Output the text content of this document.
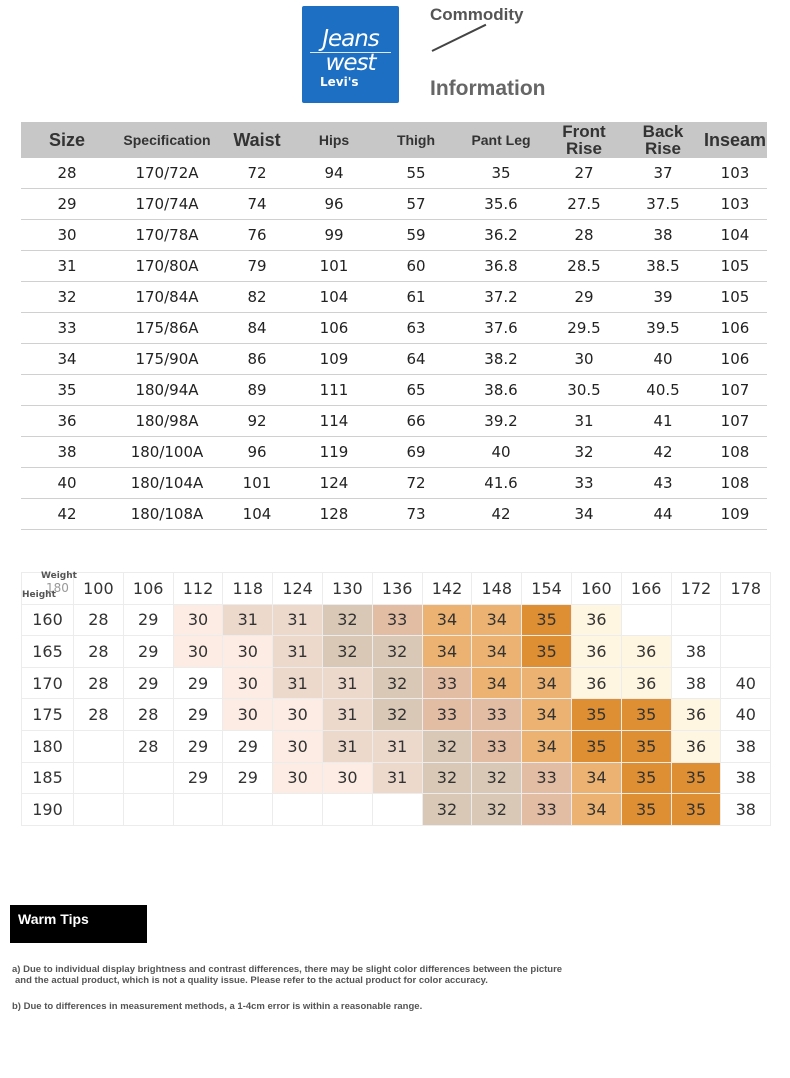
Jeans
west
Levi's
Commodity
Information
Size	Specification	Waist	Hips	Thigh	Pant Leg	Front Rise	Back Rise	Inseam
28	170/72A	72	94	55	35	27	37	103
29	170/74A	74	96	57	35.6	27.5	37.5	103
30	170/78A	76	99	59	36.2	28	38	104
31	170/80A	79	101	60	36.8	28.5	38.5	105
32	170/84A	82	104	61	37.2	29	39	105
33	175/86A	84	106	63	37.6	29.5	39.5	106
34	175/90A	86	109	64	38.2	30	40	106
35	180/94A	89	111	65	38.6	30.5	40.5	107
36	180/98A	92	114	66	39.2	31	41	107
38	180/100A	96	119	69	40	32	42	108
40	180/104A	101	124	72	41.6	33	43	108
42	180/108A	104	128	73	42	34	44	109
180
Weight
Height	100	106	112	118	124	130	136	142	148	154	160	166	172	178
160	28	29	30	31	31	32	33	34	34	35	36			
165	28	29	30	30	31	32	32	34	34	35	36	36	38	
170	28	29	29	30	31	31	32	33	34	34	36	36	38	40
175	28	28	29	30	30	31	32	33	33	34	35	35	36	40
180		28	29	29	30	31	31	32	33	34	35	35	36	38
185			29	29	30	30	31	32	32	33	34	35	35	38
190								32	32	33	34	35	35	38
Warm Tips
a) Due to individual display brightness and contrast differences, there may be slight color differences between the picture
and the actual product, which is not a quality issue. Please refer to the actual product for color accuracy.
b) Due to differences in measurement methods, a 1-4cm error is within a reasonable range.
